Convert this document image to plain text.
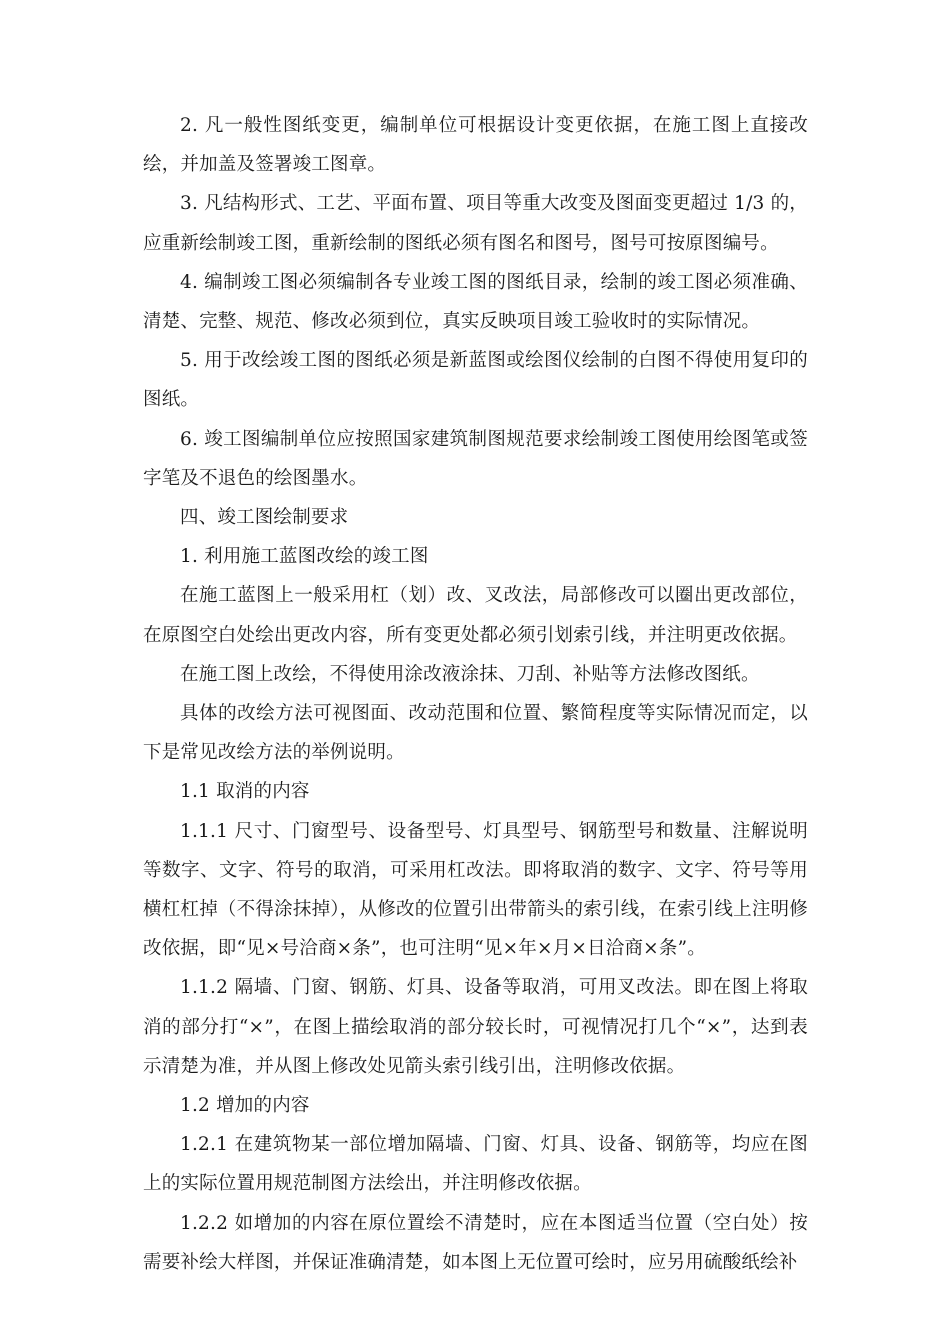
2. 凡一般性图纸变更，编制单位可根据设计变更依据，在施工图上直接改绘，并加盖及签署竣工图章。

3. 凡结构形式、工艺、平面布置、项目等重大改变及图面变更超过 1/3 的，应重新绘制竣工图，重新绘制的图纸必须有图名和图号，图号可按原图编号。

4. 编制竣工图必须编制各专业竣工图的图纸目录，绘制的竣工图必须准确、清楚、完整、规范、修改必须到位，真实反映项目竣工验收时的实际情况。

5. 用于改绘竣工图的图纸必须是新蓝图或绘图仪绘制的白图不得使用复印的图纸。

6. 竣工图编制单位应按照国家建筑制图规范要求绘制竣工图使用绘图笔或签字笔及不退色的绘图墨水。

四、竣工图绘制要求

1. 利用施工蓝图改绘的竣工图

在施工蓝图上一般采用杠（划）改、叉改法，局部修改可以圈出更改部位，在原图空白处绘出更改内容，所有变更处都必须引划索引线，并注明更改依据。

在施工图上改绘，不得使用涂改液涂抹、刀刮、补贴等方法修改图纸。

具体的改绘方法可视图面、改动范围和位置、繁简程度等实际情况而定，以下是常见改绘方法的举例说明。

1.1 取消的内容

1.1.1 尺寸、门窗型号、设备型号、灯具型号、钢筋型号和数量、注解说明等数字、文字、符号的取消，可采用杠改法。即将取消的数字、文字、符号等用横杠杠掉（不得涂抹掉），从修改的位置引出带箭头的索引线，在索引线上注明修改依据，即“见×号洽商×条”，也可注明“见×年×月×日洽商×条”。

1.1.2 隔墙、门窗、钢筋、灯具、设备等取消，可用叉改法。即在图上将取消的部分打“×”，在图上描绘取消的部分较长时，可视情况打几个“×”，达到表示清楚为准，并从图上修改处见箭头索引线引出，注明修改依据。

1.2 增加的内容

1.2.1 在建筑物某一部位增加隔墙、门窗、灯具、设备、钢筋等，均应在图上的实际位置用规范制图方法绘出，并注明修改依据。

1.2.2 如增加的内容在原位置绘不清楚时，应在本图适当位置（空白处）按需要补绘大样图，并保证准确清楚，如本图上无位置可绘时，应另用硫酸纸绘补
